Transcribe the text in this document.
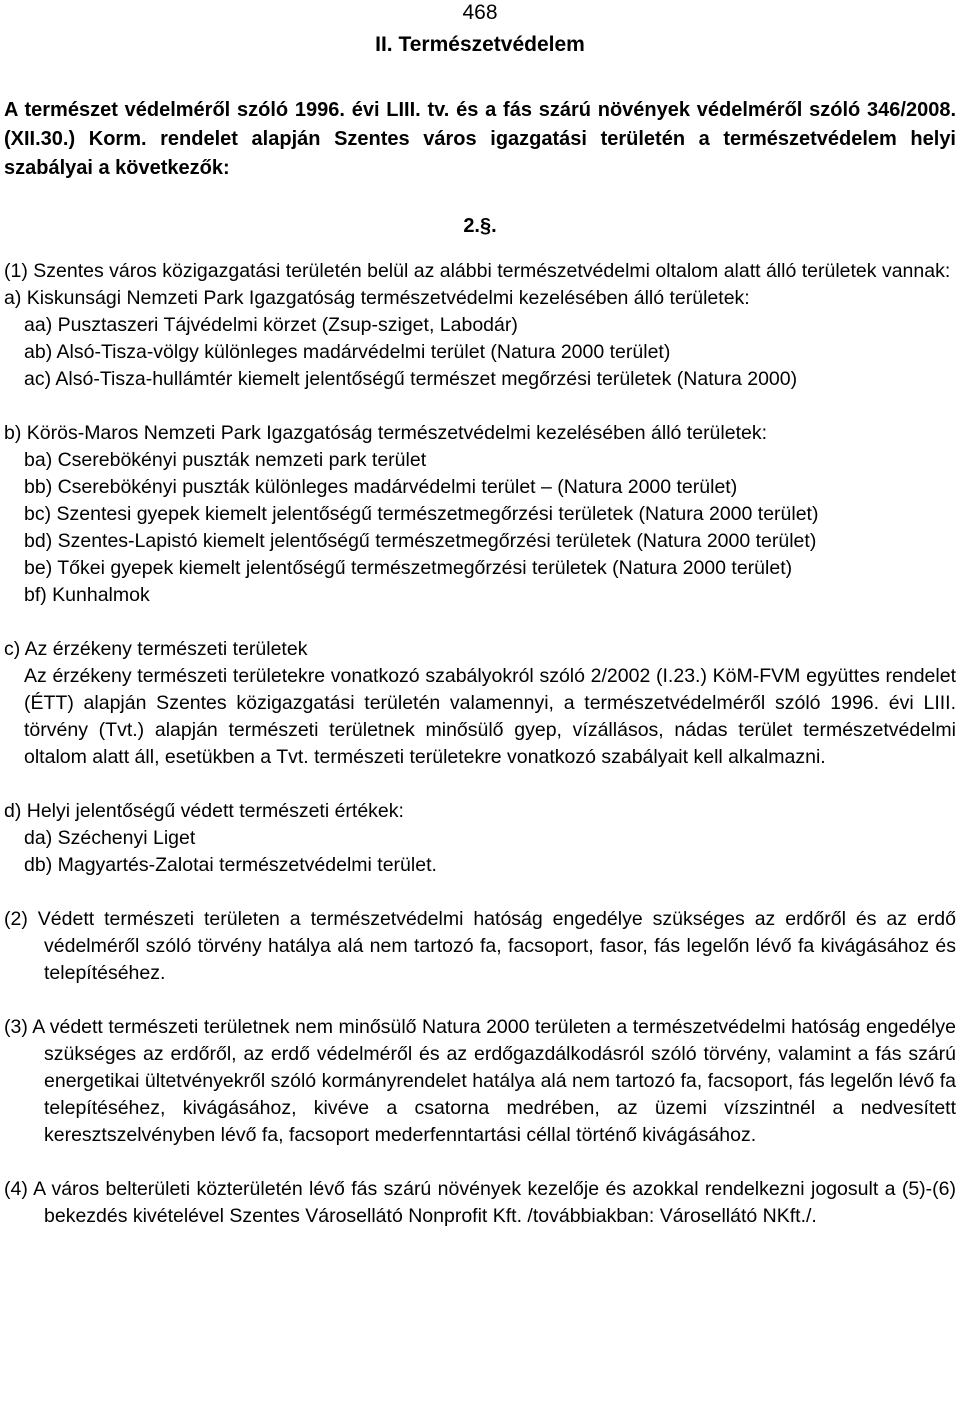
468
II. Természetvédelem

A természet védelméről szóló 1996. évi LIII. tv. és a fás szárú növények védelméről szóló 346/2008. (XII.30.) Korm. rendelet alapján Szentes város igazgatási területén a természetvédelem helyi szabályai a következők:

2.§.

(1) Szentes város közigazgatási területén belül az alábbi természetvédelmi oltalom alatt álló területek vannak:

a) Kiskunsági Nemzeti Park Igazgatóság természetvédelmi kezelésében álló területek:

aa) Pusztaszeri Tájvédelmi körzet (Zsup-sziget, Labodár)

ab) Alsó-Tisza-völgy különleges madárvédelmi terület (Natura 2000 terület)

ac) Alsó-Tisza-hullámtér kiemelt jelentőségű természet megőrzési területek (Natura 2000)

b) Körös-Maros Nemzeti Park Igazgatóság természetvédelmi kezelésében álló területek:

ba) Cserebökényi puszták nemzeti park terület

bb) Cserebökényi puszták különleges madárvédelmi terület – (Natura 2000 terület)

bc) Szentesi gyepek kiemelt jelentőségű természetmegőrzési területek (Natura 2000 terület)

bd) Szentes-Lapistó kiemelt jelentőségű természetmegőrzési területek (Natura 2000 terület)

be) Tőkei gyepek kiemelt jelentőségű természetmegőrzési területek (Natura 2000 terület)

bf) Kunhalmok

c) Az érzékeny természeti területek

Az érzékeny természeti területekre vonatkozó szabályokról szóló 2/2002 (I.23.) KöM-FVM együttes rendelet (ÉTT) alapján Szentes közigazgatási területén valamennyi, a természetvédelméről szóló 1996. évi LIII. törvény (Tvt.) alapján természeti területnek minősülő gyep, vízállásos, nádas terület természetvédelmi oltalom alatt áll, esetükben a Tvt. természeti területekre vonatkozó szabályait kell alkalmazni.

d) Helyi jelentőségű védett természeti értékek:

da) Széchenyi Liget

db) Magyartés-Zalotai természetvédelmi terület.

(2) Védett természeti területen a természetvédelmi hatóság engedélye szükséges az erdőről és az erdő védelméről szóló törvény hatálya alá nem tartozó fa, facsoport, fasor, fás legelőn lévő fa kivágásához és telepítéséhez.

(3) A védett természeti területnek nem minősülő Natura 2000 területen a természetvédelmi hatóság engedélye szükséges az erdőről, az erdő védelméről és az erdőgazdálkodásról szóló törvény, valamint a fás szárú energetikai ültetvényekről szóló kormányrendelet hatálya alá nem tartozó fa, facsoport, fás legelőn lévő fa telepítéséhez, kivágásához, kivéve a csatorna medrében, az üzemi vízszintnél a nedvesített keresztszelvényben lévő fa, facsoport mederfenntartási céllal történő kivágásához.

(4) A város belterületi közterületén lévő fás szárú növények kezelője és azokkal rendelkezni jogosult a (5)-(6) bekezdés kivételével Szentes Városellátó Nonprofit Kft. /továbbiakban: Városellátó NKft./.
